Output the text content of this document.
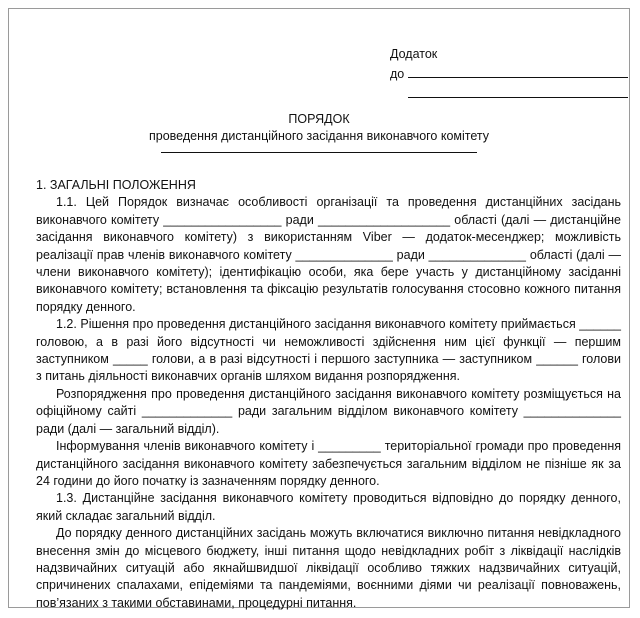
Додаток
до
ПОРЯДОК
проведення дистанційного засідання виконавчого комітету

1. ЗАГАЛЬНІ ПОЛОЖЕННЯ

1.1. Цей Порядок визначає особливості організації та проведення дистанційних засідань виконавчого комітету _________________ ради ___________________ області (далі — дистанційне засідання виконавчого комітету) з використанням Viber — додаток-месенджер; можливість реалізації прав членів виконавчого комітету ______________ ради ______________ області (далі — члени виконавчого комітету); ідентифікацію особи, яка бере участь у дистанційному засіданні виконавчого комітету; встановлення та фіксацію результатів голосування стосовно кожного питання порядку денного.

1.2. Рішення про проведення дистанційного засідання виконавчого комітету приймається ______ головою, а в разі його відсутності чи неможливості здійснення ним цієї функції — першим заступником _____ голови, а в разі відсутності і першого заступника — заступником ______ голови з питань діяльності виконавчих органів шляхом видання розпорядження.

Розпорядження про проведення дистанційного засідання виконавчого комітету розміщується на офіційному сайті _____________ ради загальним відділом виконавчого комітету ______________ ради (далі — загальний відділ).

Інформування членів виконавчого комітету і _________ територіальної громади про проведення дистанційного засідання виконавчого комітету забезпечується загальним відділом не пізніше як за 24 години до його початку із зазначенням порядку денного.

1.3. Дистанційне засідання виконавчого комітету проводиться відповідно до порядку денного, який складає загальний відділ.

До порядку денного дистанційних засідань можуть включатися виключно питання невідкладного внесення змін до місцевого бюджету, інші питання щодо невідкладних робіт з ліквідації наслідків надзвичайних ситуацій або якнайшвидшої ліквідації особливо тяжких надзвичайних ситуацій, спричинених спалахами, епідеміями та пандеміями, воєнними діями чи реалізації повноважень, пов’язаних з такими обставинами, процедурні питання.
